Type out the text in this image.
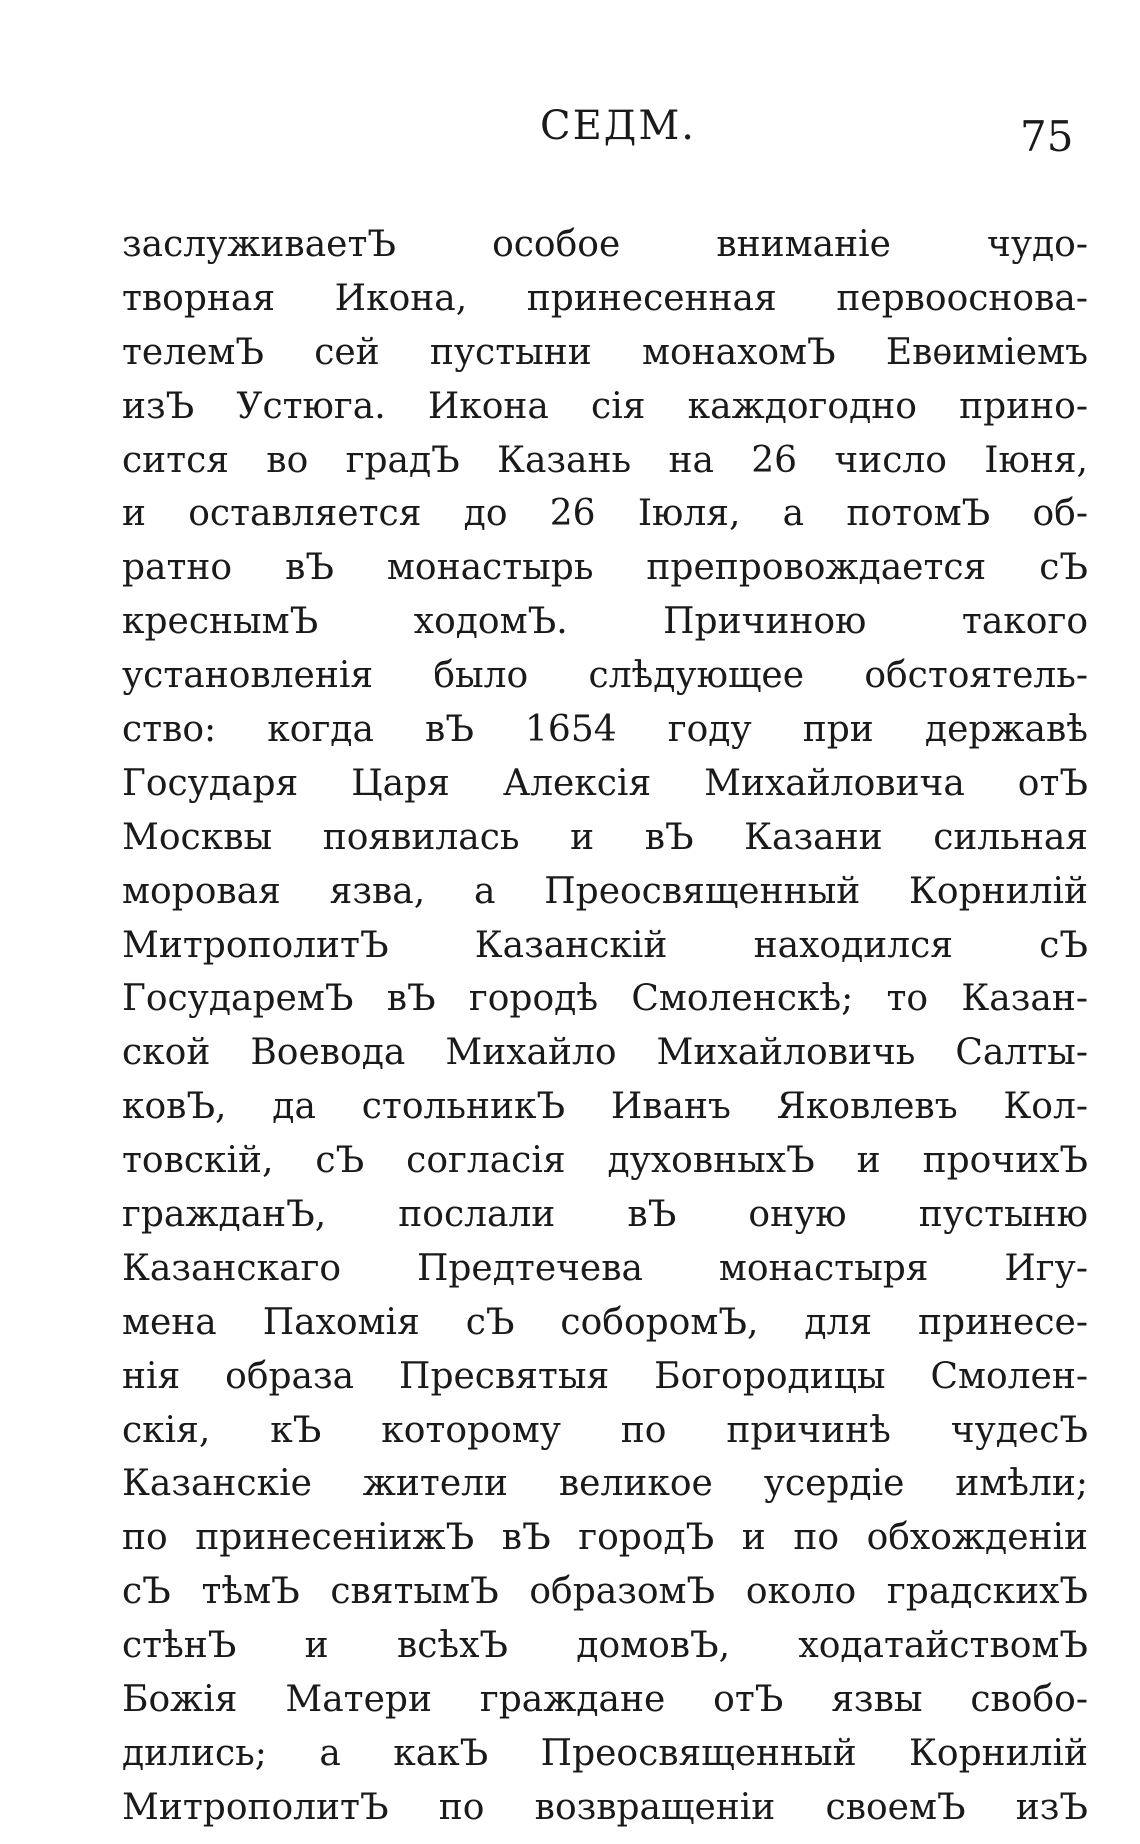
СЕДМ.	75
заслуживаетЪ особое вниманіе чудо-
творная Икона, принесенная первооснова-
телемЪ сей пустыни монахомЪ Евѳиміемъ
изЪ Устюга. Икона сія каждогодно прино-
сится во градЪ Казань на 26 число Іюня,
и оставляется до 26 Іюля, а потомЪ об-
ратно вЪ монастырь препровождается сЪ
креснымЪ ходомЪ. Причиною такого
установленія было слѣдующее обстоятель-
ство: когда вЪ 1654 году при державѣ
Государя Царя Алексія Михайловича отЪ
Москвы появилась и вЪ Казани сильная
моровая язва, а Преосвященный Корнилій
МитрополитЪ Казанскій находился сЪ
ГосударемЪ вЪ городѣ Смоленскѣ; то Казан-
ской Воевода Михайло Михайловичь Салты-
ковЪ, да стольникЪ Иванъ Яковлевъ Кол-
товскій, сЪ согласія духовныхЪ и прочихЪ
гражданЪ, послали вЪ оную пустыню
Казанскаго Предтечева монастыря Игу-
мена Пахомія сЪ соборомЪ, для принесе-
нія образа Пресвятыя Богородицы Смолен-
скія, кЪ которому по причинѣ чудесЪ
Казанскіе жители великое усердіе имѣли;
по принесеніижЪ вЪ городЪ и по обхожденіи
сЪ тѣмЪ святымЪ образомЪ около градскихЪ
стѣнЪ и всѣхЪ домовЪ, ходатайствомЪ
Божія Матери граждане отЪ язвы свобо-
дились; а какЪ Преосвященный Корнилій
МитрополитЪ по возвращеніи своемЪ изЪ
